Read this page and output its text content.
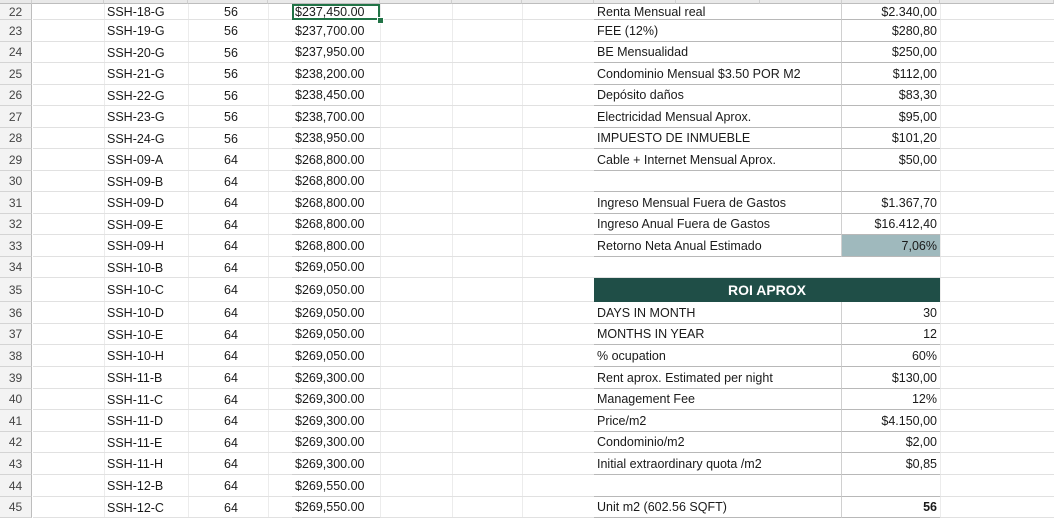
22	SSH-18-G	56	$237,450.00
23	SSH-19-G	56	$237,700.00
24	SSH-20-G	56	$237,950.00
25	SSH-21-G	56	$238,200.00
26	SSH-22-G	56	$238,450.00
27	SSH-23-G	56	$238,700.00
28	SSH-24-G	56	$238,950.00
29	SSH-09-A	64	$268,800.00
30	SSH-09-B	64	$268,800.00
31	SSH-09-D	64	$268,800.00
32	SSH-09-E	64	$268,800.00
33	SSH-09-H	64	$268,800.00
34	SSH-10-B	64	$269,050.00
35	SSH-10-C	64	$269,050.00
36	SSH-10-D	64	$269,050.00
37	SSH-10-E	64	$269,050.00
38	SSH-10-H	64	$269,050.00
39	SSH-11-B	64	$269,300.00
40	SSH-11-C	64	$269,300.00
41	SSH-11-D	64	$269,300.00
42	SSH-11-E	64	$269,300.00
43	SSH-11-H	64	$269,300.00
44	SSH-12-B	64	$269,550.00
45	SSH-12-C	64	$269,550.00
Renta Mensual real	$2.340,00
FEE (12%)	$280,80
BE Mensualidad	$250,00
Condominio Mensual $3.50 POR M2	$112,00
Depósito daños	$83,30
Electricidad Mensual Aprox.	$95,00
IMPUESTO DE INMUEBLE	$101,20
Cable + Internet Mensual Aprox.	$50,00
Ingreso Mensual Fuera de Gastos	$1.367,70
Ingreso Anual Fuera de Gastos	$16.412,40
Retorno Neta Anual Estimado	7,06%
ROI APROX
DAYS IN MONTH	30
MONTHS IN YEAR	12
% ocupation	60%
Rent aprox. Estimated per night	$130,00
Management Fee	12%
Price/m2	$4.150,00
Condominio/m2	$2,00
Initial extraordinary quota /m2	$0,85
Unit m2 (602.56 SQFT)	56
